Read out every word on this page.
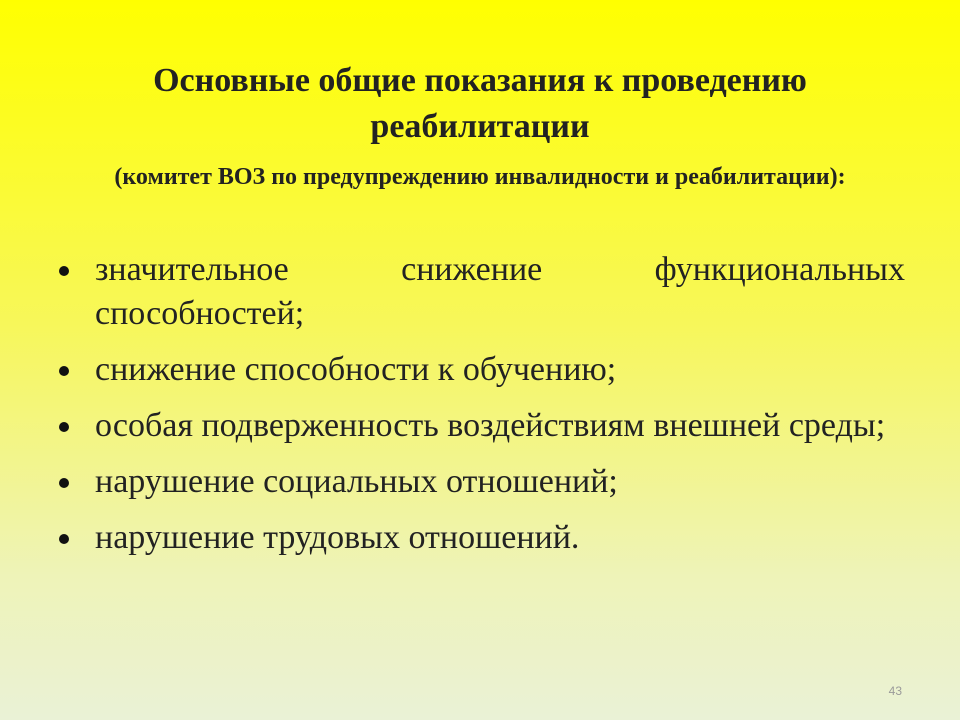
Основные общие показания к проведению реабилитации

(комитет ВОЗ по предупреждению инвалидности и реабилитации):

значительное снижение функциональных способностей;
снижение способности к обучению;
особая подверженность воздействиям внешней среды;
нарушение социальных отношений;
нарушение трудовых отношений.
43
